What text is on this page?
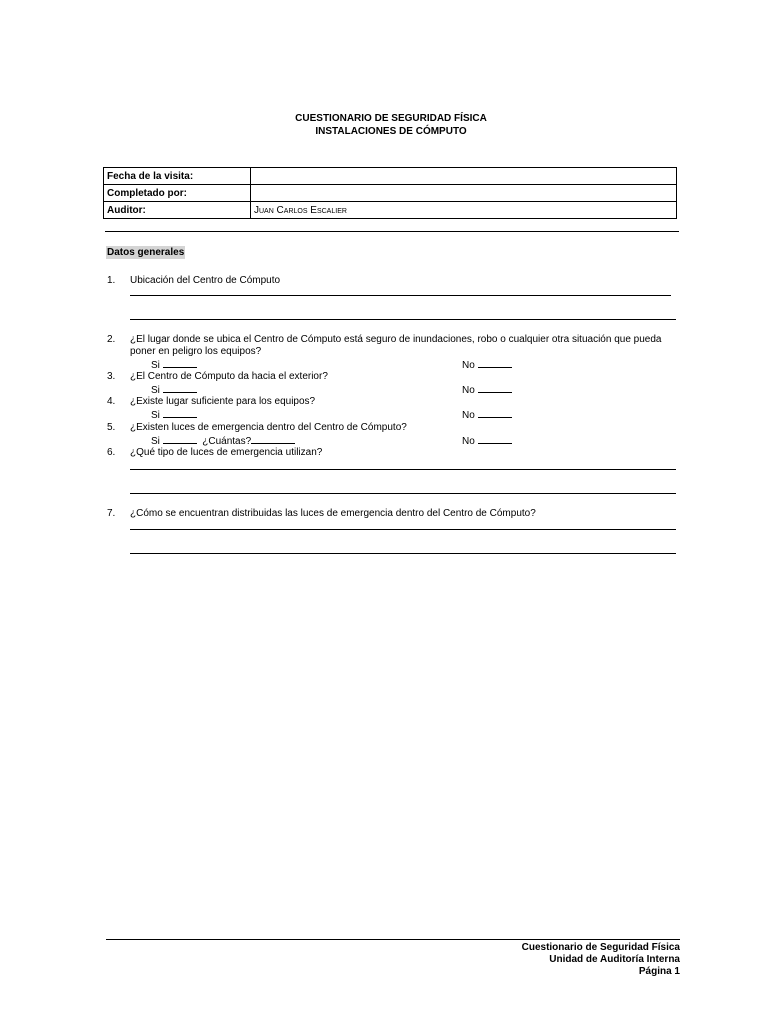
CUESTIONARIO DE SEGURIDAD FÍSICA
INSTALACIONES DE CÓMPUTO
Fecha de la visita:	
Completado por:	
Auditor:	Juan Carlos Escalier
Datos generales
1. Ubicación del Centro de Cómputo
2. ¿El lugar donde se ubica el Centro de Cómputo está seguro de inundaciones, robo o cualquier otra situación que pueda
poner en peligro los equipos?
Si	No
3. ¿El Centro de Cómputo da hacia el exterior?
Si	No
4. ¿Existe lugar suficiente para los equipos?
Si	No
5. ¿Existen luces de emergencia dentro del Centro de Cómputo?
Si	¿Cuántas?	No
6. ¿Qué tipo de luces de emergencia utilizan?
7. ¿Cómo se encuentran distribuidas las luces de emergencia dentro del Centro de Cómputo?
Cuestionario de Seguridad Física
Unidad de Auditoría Interna
Página 1
